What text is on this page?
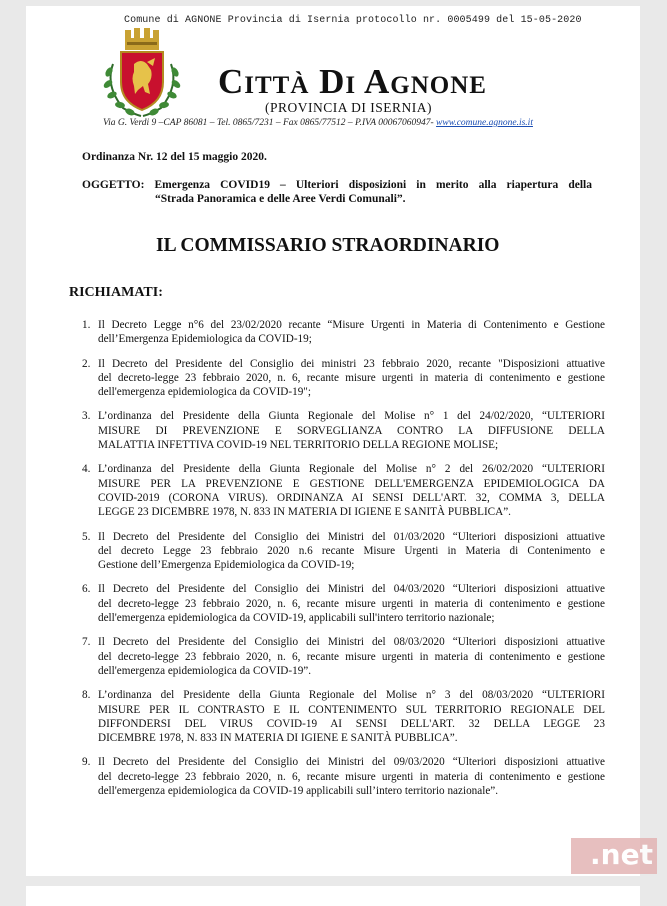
Comune di AGNONE Provincia di Isernia protocollo nr. 0005499 del 15-05-2020
Città Di Agnone
(PROVINCIA DI ISERNIA)
Via G. Verdi 9 –CAP 86081 – Tel. 0865/7231 – Fax 0865/77512 – P.IVA 00067060947- www.comune.agnone.is.it
Ordinanza Nr. 12 del 15 maggio 2020.
OGGETTO: Emergenza COVID19 – Ulteriori disposizioni in merito alla riapertura della
“Strada Panoramica e delle Aree Verdi Comunali”.
IL COMMISSARIO STRAORDINARIO
RICHIAMATI:
1. Il Decreto Legge n°6 del 23/02/2020 recante “Misure Urgenti in Materia di Contenimento e Gestione
dell’Emergenza Epidemiologica da COVID-19;
2. Il Decreto del Presidente del Consiglio dei ministri 23 febbraio 2020, recante "Disposizioni attuative
del decreto-legge 23 febbraio 2020, n. 6, recante misure urgenti in materia di contenimento e gestione
dell'emergenza epidemiologica da COVID-19";
3. L’ordinanza del Presidente della Giunta Regionale del Molise n° 1 del 24/02/2020, “ULTERIORI
MISURE DI PREVENZIONE E SORVEGLIANZA CONTRO LA DIFFUSIONE DELLA
MALATTIA INFETTIVA COVID-19 NEL TERRITORIO DELLA REGIONE MOLISE;
4. L’ordinanza del Presidente della Giunta Regionale del Molise n° 2 del 26/02/2020 “ULTERIORI
MISURE PER LA PREVENZIONE E GESTIONE DELL'EMERGENZA EPIDEMIOLOGICA DA
COVID-2019 (CORONA VIRUS). ORDINANZA AI SENSI DELL'ART. 32, COMMA 3, DELLA
LEGGE 23 DICEMBRE 1978, N. 833 IN MATERIA DI IGIENE E SANITÀ PUBBLICA”.
5. Il Decreto del Presidente del Consiglio dei Ministri del 01/03/2020 “Ulteriori disposizioni attuative
del decreto Legge 23 febbraio 2020 n.6 recante Misure Urgenti in Materia di Contenimento e
Gestione dell’Emergenza Epidemiologica da COVID-19;
6. Il Decreto del Presidente del Consiglio dei Ministri del 04/03/2020 “Ulteriori disposizioni attuative
del decreto-legge 23 febbraio 2020, n. 6, recante misure urgenti in materia di contenimento e gestione
dell'emergenza epidemiologica da COVID-19, applicabili sull'intero territorio nazionale;
7. Il Decreto del Presidente del Consiglio dei Ministri del 08/03/2020 “Ulteriori disposizioni attuative
del decreto-legge 23 febbraio 2020, n. 6, recante misure urgenti in materia di contenimento e gestione
dell'emergenza epidemiologica da COVID-19”.
8. L’ordinanza del Presidente della Giunta Regionale del Molise n° 3 del 08/03/2020 “ULTERIORI
MISURE PER IL CONTRASTO E IL CONTENIMENTO SUL TERRITORIO REGIONALE DEL
DIFFONDERSI DEL VIRUS COVID-19 AI SENSI DELL'ART. 32 DELLA LEGGE 23
DICEMBRE 1978, N. 833 IN MATERIA DI IGIENE E SANITÀ PUBBLICA”.
9. Il Decreto del Presidente del Consiglio dei Ministri del 09/03/2020 “Ulteriori disposizioni attuative
del decreto-legge 23 febbraio 2020, n. 6, recante misure urgenti in materia di contenimento e gestione
dell'emergenza epidemiologica da COVID-19 applicabili sull’intero territorio nazionale”.
.net
